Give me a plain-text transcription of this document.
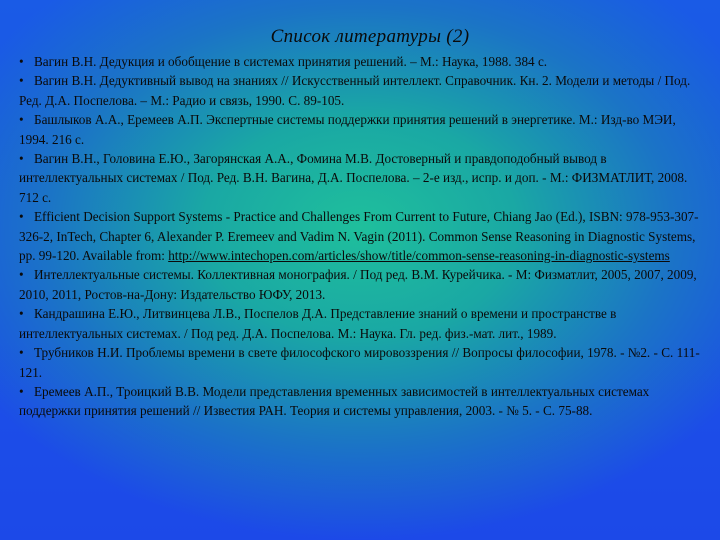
Список литературы (2)
• Вагин В.Н. Дедукция и обобщение в системах принятия решений. – М.: Наука, 1988. 384 с.
• Вагин В.Н. Дедуктивный вывод на знаниях // Искусственный интеллект. Справочник. Кн. 2. Модели и методы / Под. Ред. Д.А. Поспелова. – М.: Радио и связь, 1990. С. 89-105.
• Башлыков А.А., Еремеев А.П. Экспертные системы поддержки принятия решений в энергетике. М.: Изд-во МЭИ, 1994. 216 с.
• Вагин В.Н., Головина Е.Ю., Загорянская А.А., Фомина М.В. Достоверный и правдоподобный вывод в интеллектуальных системах / Под. Ред. В.Н. Вагина, Д.А. Поспелова. – 2-е изд., испр. и доп. - М.: ФИЗМАТЛИТ, 2008. 712 с.
• Efficient Decision Support Systems - Practice and Challenges From Current to Future, Chiang Jao (Ed.), ISBN: 978-953-307-326-2, InTech, Chapter 6, Alexander P. Eremeev and Vadim N. Vagin (2011). Common Sense Reasoning in Diagnostic Systems, pp. 99-120. Available from: http://www.intechopen.com/articles/show/title/common-sense-reasoning-in-diagnostic-systems
• Интеллектуальные системы. Коллективная монография. / Под ред. В.М. Курейчика. - М: Физматлит, 2005, 2007, 2009, 2010, 2011, Ростов-на-Дону: Издательство ЮФУ, 2013.
• Кандрашина Е.Ю., Литвинцева Л.В., Поспелов Д.А. Представление знаний о времени и пространстве в интеллектуальных системах. / Под ред. Д.А. Поспелова. М.: Наука. Гл. ред. физ.-мат. лит., 1989.
• Трубников Н.И. Проблемы времени в свете философского мировоззрения // Вопросы философии, 1978. - №2. - С. 111-121.
• Еремеев А.П., Троицкий В.В. Модели представления временных зависимостей в интеллектуальных системах поддержки принятия решений // Известия РАН. Теория и системы управления, 2003. - № 5. - С. 75-88.
